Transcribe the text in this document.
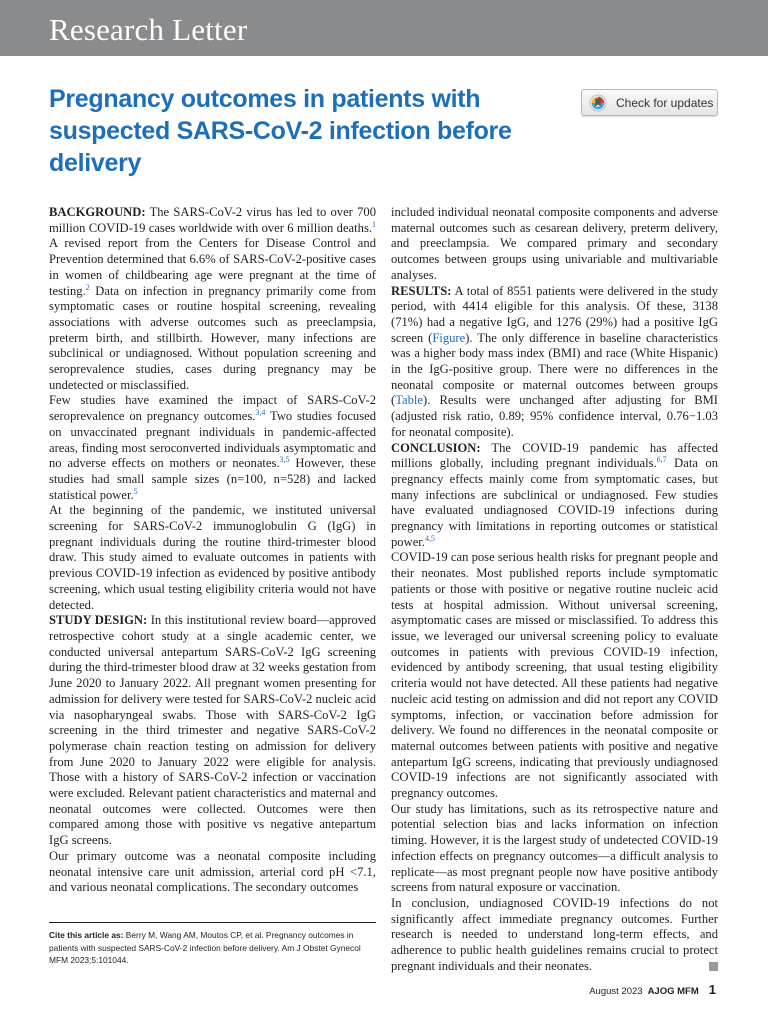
Research Letter
Pregnancy outcomes in patients with suspected SARS-CoV-2 infection before delivery
Check for updates

BACKGROUND: The SARS-CoV-2 virus has led to over 700 million COVID-19 cases worldwide with over 6 million deaths.$^1$ A revised report from the Centers for Disease Control and Prevention determined that 6.6% of SARS-CoV-2-positive cases in women of childbearing age were pregnant at the time of testing.$^2$ Data on infection in pregnancy primarily come from symptomatic cases or routine hospital screening, revealing associations with adverse outcomes such as preeclampsia, preterm birth, and stillbirth. However, many infections are subclinical or undiagnosed. Without population screening and seroprevalence studies, cases during pregnancy may be undetected or misclassified.

Few studies have examined the impact of SARS-CoV-2 seroprevalence on pregnancy outcomes.$^{3,4}$ Two studies focused on unvaccinated pregnant individuals in pandemic-affected areas, finding most seroconverted individuals asymptomatic and no adverse effects on mothers or neonates.$^{3,5}$ However, these studies had small sample sizes (n=100, n=528) and lacked statistical power.$^5$

At the beginning of the pandemic, we instituted universal screening for SARS-CoV-2 immunoglobulin G (IgG) in pregnant individuals during the routine third-trimester blood draw. This study aimed to evaluate outcomes in patients with previous COVID-19 infection as evidenced by positive antibody screening, which usual testing eligibility criteria would not have detected.

STUDY DESIGN: In this institutional review board—approved retrospective cohort study at a single academic center, we conducted universal antepartum SARS-CoV-2 IgG screening during the third-trimester blood draw at 32 weeks gestation from June 2020 to January 2022. All pregnant women presenting for admission for delivery were tested for SARS-CoV-2 nucleic acid via nasopharyngeal swabs. Those with SARS-CoV-2 IgG screening in the third trimester and negative SARS-CoV-2 polymerase chain reaction testing on admission for delivery from June 2020 to January 2022 were eligible for analysis. Those with a history of SARS-CoV-2 infection or vaccination were excluded. Relevant patient characteristics and maternal and neonatal outcomes were collected. Outcomes were then compared among those with positive vs negative antepartum IgG screens.

Our primary outcome was a neonatal composite including neonatal intensive care unit admission, arterial cord pH <7.1, and various neonatal complications. The secondary outcomes

included individual neonatal composite components and adverse maternal outcomes such as cesarean delivery, preterm delivery, and preeclampsia. We compared primary and secondary outcomes between groups using univariable and multivariable analyses.

RESULTS: A total of 8551 patients were delivered in the study period, with 4414 eligible for this analysis. Of these, 3138 (71%) had a negative IgG, and 1276 (29%) had a positive IgG screen (Figure). The only difference in baseline characteristics was a higher body mass index (BMI) and race (White Hispanic) in the IgG-positive group. There were no differences in the neonatal composite or maternal outcomes between groups (Table). Results were unchanged after adjusting for BMI (adjusted risk ratio, 0.89; 95% confidence interval, 0.76−1.03 for neonatal composite).

CONCLUSION: The COVID-19 pandemic has affected millions globally, including pregnant individuals.$^{6,7}$ Data on pregnancy effects mainly come from symptomatic cases, but many infections are subclinical or undiagnosed. Few studies have evaluated undiagnosed COVID-19 infections during pregnancy with limitations in reporting outcomes or statistical power.$^{4,5}$

COVID-19 can pose serious health risks for pregnant people and their neonates. Most published reports include symptomatic patients or those with positive or negative routine nucleic acid tests at hospital admission. Without universal screening, asymptomatic cases are missed or misclassified. To address this issue, we leveraged our universal screening policy to evaluate outcomes in patients with previous COVID-19 infection, evidenced by antibody screening, that usual testing eligibility criteria would not have detected. All these patients had negative nucleic acid testing on admission and did not report any COVID symptoms, infection, or vaccination before admission for delivery. We found no differences in the neonatal composite or maternal outcomes between patients with positive and negative antepartum IgG screens, indicating that previously undiagnosed COVID-19 infections are not significantly associated with pregnancy outcomes.

Our study has limitations, such as its retrospective nature and potential selection bias and lacks information on infection timing. However, it is the largest study of undetected COVID-19 infection effects on pregnancy outcomes—a difficult analysis to replicate—as most pregnant people now have positive antibody screens from natural exposure or vaccination.

In conclusion, undiagnosed COVID-19 infections do not significantly affect immediate pregnancy outcomes. Further research is needed to understand long-term effects, and adherence to public health guidelines remains crucial to protect pregnant individuals and their neonates.

Cite this article as: Berry M, Wang AM, Moutos CP, et al. Pregnancy outcomes in patients with suspected SARS-CoV-2 infection before delivery. Am J Obstet Gynecol MFM 2023;5:101044.

August 2023 AJOG MFM 1
